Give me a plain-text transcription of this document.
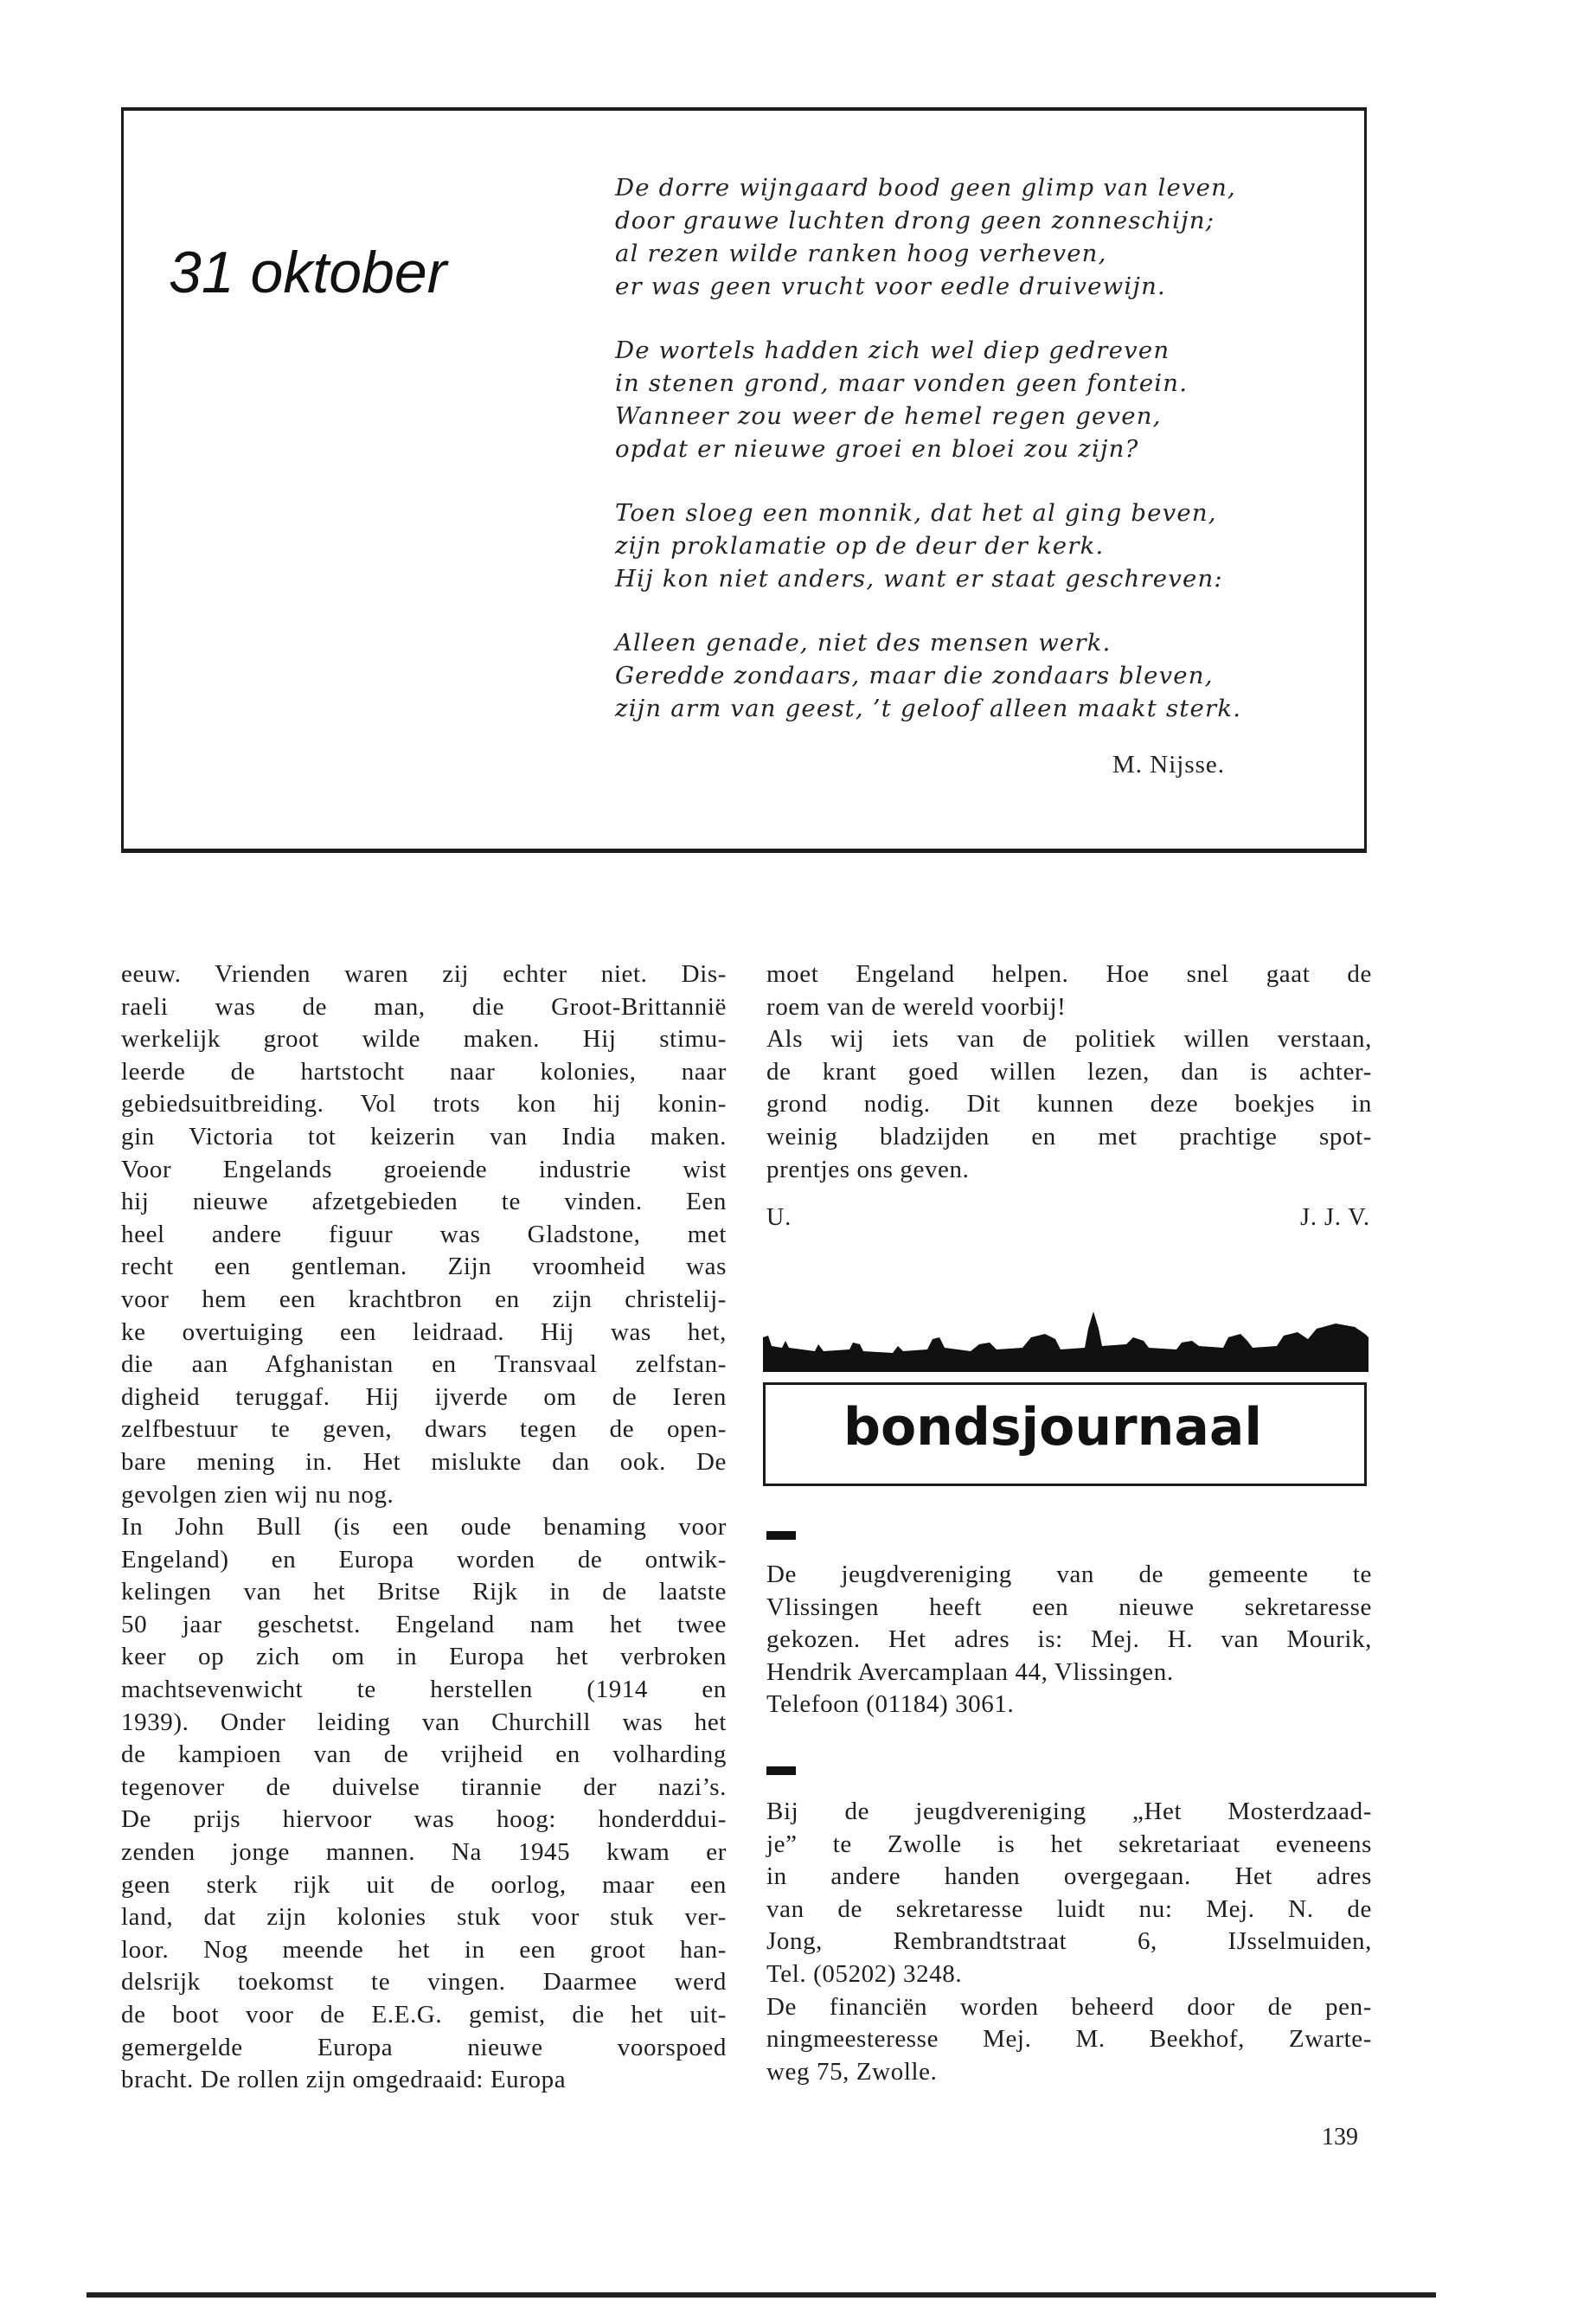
31 oktober
De dorre wijngaard bood geen glimp van leven,
door grauwe luchten drong geen zonneschijn;
al rezen wilde ranken hoog verheven,
er was geen vrucht voor eedle druivewijn.
De wortels hadden zich wel diep gedreven
in stenen grond, maar vonden geen fontein.
Wanneer zou weer de hemel regen geven,
opdat er nieuwe groei en bloei zou zijn?
Toen sloeg een monnik, dat het al ging beven,
zijn proklamatie op de deur der kerk.
Hij kon niet anders, want er staat geschreven:
Alleen genade, niet des mensen werk.
Geredde zondaars, maar die zondaars bleven,
zijn arm van geest, ’t geloof alleen maakt sterk.
M. Nijsse.
eeuw. Vrienden waren zij echter niet. Dis-
raeli was de man, die Groot-Brittannië
werkelijk groot wilde maken. Hij stimu-
leerde de hartstocht naar kolonies, naar
gebiedsuitbreiding. Vol trots kon hij konin-
gin Victoria tot keizerin van India maken.
Voor Engelands groeiende industrie wist
hij nieuwe afzetgebieden te vinden. Een
heel andere figuur was Gladstone, met
recht een gentleman. Zijn vroomheid was
voor hem een krachtbron en zijn christelij-
ke overtuiging een leidraad. Hij was het,
die aan Afghanistan en Transvaal zelfstan-
digheid teruggaf. Hij ijverde om de Ieren
zelfbestuur te geven, dwars tegen de open-
bare mening in. Het mislukte dan ook. De
gevolgen zien wij nu nog.
In John Bull (is een oude benaming voor
Engeland) en Europa worden de ontwik-
kelingen van het Britse Rijk in de laatste
50 jaar geschetst. Engeland nam het twee
keer op zich om in Europa het verbroken
machtsevenwicht te herstellen (1914 en
1939). Onder leiding van Churchill was het
de kampioen van de vrijheid en volharding
tegenover de duivelse tirannie der nazi’s.
De prijs hiervoor was hoog: honderddui-
zenden jonge mannen. Na 1945 kwam er
geen sterk rijk uit de oorlog, maar een
land, dat zijn kolonies stuk voor stuk ver-
loor. Nog meende het in een groot han-
delsrijk toekomst te vingen. Daarmee werd
de boot voor de E.E.G. gemist, die het uit-
gemergelde Europa nieuwe voorspoed
bracht. De rollen zijn omgedraaid: Europa
moet Engeland helpen. Hoe snel gaat de
roem van de wereld voorbij!
Als wij iets van de politiek willen verstaan,
de krant goed willen lezen, dan is achter-
grond nodig. Dit kunnen deze boekjes in
weinig bladzijden en met prachtige spot-
prentjes ons geven.
U.	J. J. V.
bondsjournaal
De jeugdvereniging van de gemeente te
Vlissingen heeft een nieuwe sekretaresse
gekozen. Het adres is: Mej. H. van Mourik,
Hendrik Avercamplaan 44, Vlissingen.
Telefoon (01184) 3061.
Bij de jeugdvereniging „Het Mosterdzaad-
je” te Zwolle is het sekretariaat eveneens
in andere handen overgegaan. Het adres
van de sekretaresse luidt nu: Mej. N. de
Jong, Rembrandtstraat 6, IJsselmuiden,
Tel. (05202) 3248.
De financiën worden beheerd door de pen-
ningmeesteresse Mej. M. Beekhof, Zwarte-
weg 75, Zwolle.
139
